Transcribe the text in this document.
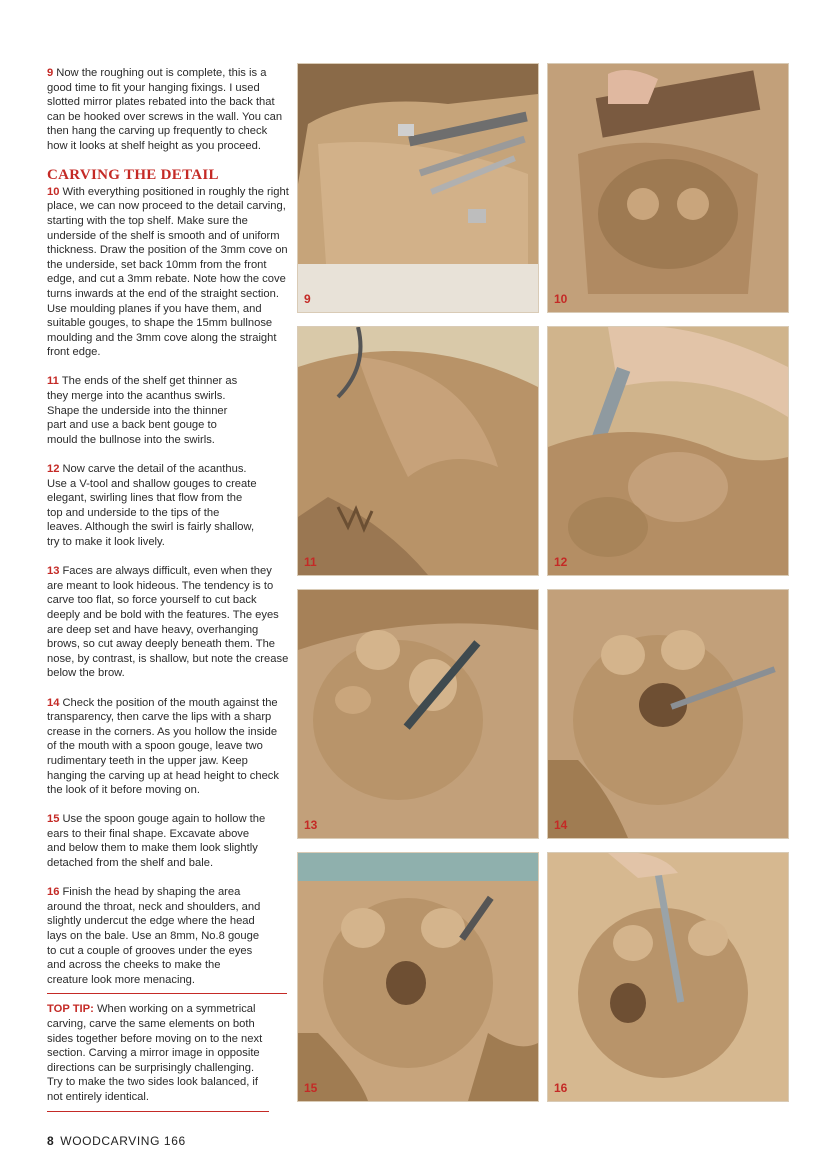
9 Now the roughing out is complete, this is a good time to fit your hanging fixings. I used slotted mirror plates rebated into the back that can be hooked over screws in the wall. You can then hang the carving up frequently to check how it looks at shelf height as you proceed.

CARVING THE DETAIL

10 With everything positioned in roughly the right place, we can now proceed to the detail carving, starting with the top shelf. Make sure the underside of the shelf is smooth and of uniform thickness. Draw the position of the 3mm cove on the underside, set back 10mm from the front edge, and cut a 3mm rebate. Note how the cove turns inwards at the end of the straight section. Use moulding planes if you have them, and suitable gouges, to shape the 15mm bullnose moulding and the 3mm cove along the straight front edge.

11 The ends of the shelf get thinner as they merge into the acanthus swirls. Shape the underside into the thinner part and use a back bent gouge to mould the bullnose into the swirls.

12 Now carve the detail of the acanthus. Use a V-tool and shallow gouges to create elegant, swirling lines that flow from the top and underside to the tips of the leaves. Although the swirl is fairly shallow, try to make it look lively.

13 Faces are always difficult, even when they are meant to look hideous. The tendency is to carve too flat, so force yourself to cut back deeply and be bold with the features. The eyes are deep set and have heavy, overhanging brows, so cut away deeply beneath them. The nose, by contrast, is shallow, but note the crease below the brow.

14 Check the position of the mouth against the transparency, then carve the lips with a sharp crease in the corners. As you hollow the inside of the mouth with a spoon gouge, leave two rudimentary teeth in the upper jaw. Keep hanging the carving up at head height to check the look of it before moving on.

15 Use the spoon gouge again to hollow the ears to their final shape. Excavate above and below them to make them look slightly detached from the shelf and bale.

16 Finish the head by shaping the area around the throat, neck and shoulders, and slightly undercut the edge where the head lays on the bale. Use an 8mm, No.8 gouge to cut a couple of grooves under the eyes and across the cheeks to make the creature look more menacing.

TOP TIP: When working on a symmetrical carving, carve the same elements on both sides together before moving on to the next section. Carving a mirror image in opposite directions can be surprisingly challenging. Try to make the two sides look balanced, if not entirely identical.

9	10
11	12
13	14
15	16
8 WOODCARVING 166
